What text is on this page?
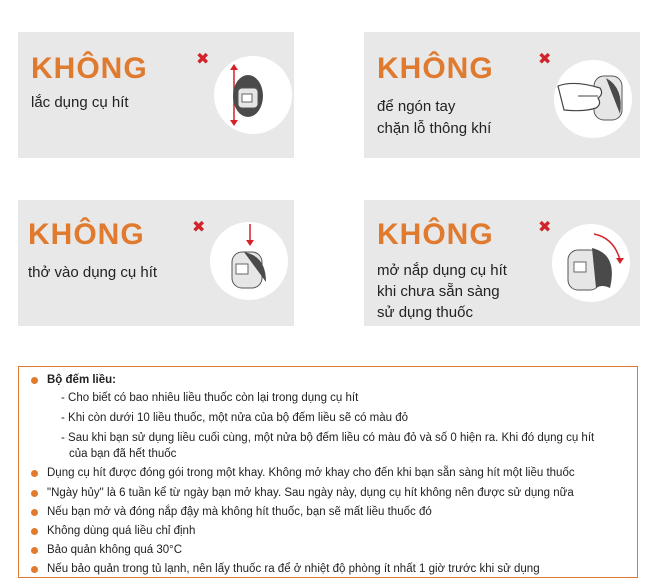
KHÔNG
lắc dụng cụ hít
✖	KHÔNG
để ngón tay
chặn lỗ thông khí
✖
KHÔNG
thở vào dụng cụ hít
✖	KHÔNG
mở nắp dụng cụ hít
khi chưa sẵn sàng
sử dụng thuốc
✖
Bộ đếm liều:
- Cho biết có bao nhiêu liều thuốc còn lại trong dụng cụ hít
- Khi còn dưới 10 liều thuốc, một nửa của bộ đếm liều sẽ có màu đỏ
- Sau khi bạn sử dụng liều cuối cùng, một nửa bộ đếm liều có màu đỏ và số 0 hiện ra. Khi đó dụng cụ hít
của bạn đã hết thuốc
Dụng cụ hít được đóng gói trong một khay. Không mở khay cho đến khi bạn sẵn sàng hít một liều thuốc
"Ngày hủy" là 6 tuần kể từ ngày bạn mở khay. Sau ngày này, dụng cụ hít không nên được sử dụng nữa
Nếu bạn mở và đóng nắp đậy mà không hít thuốc, bạn sẽ mất liều thuốc đó
Không dùng quá liều chỉ định
Bảo quản không quá 30°C
Nếu bảo quản trong tủ lạnh, nên lấy thuốc ra để ở nhiệt độ phòng ít nhất 1 giờ trước khi sử dụng
